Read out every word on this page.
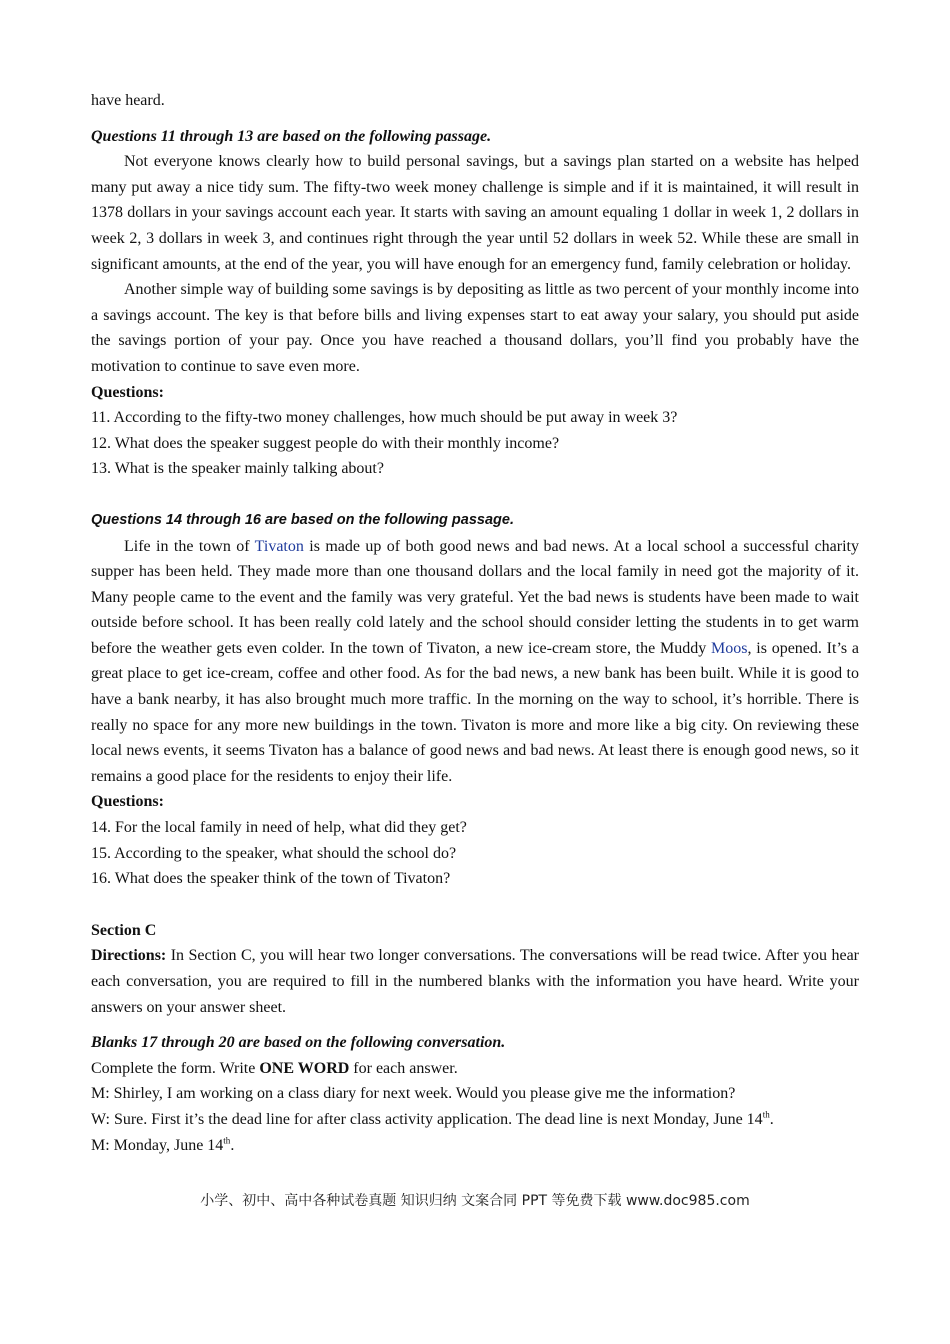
have heard.

Questions 11 through 13 are based on the following passage.

Not everyone knows clearly how to build personal savings, but a savings plan started on a website has helped many put away a nice tidy sum. The fifty-two week money challenge is simple and if it is maintained, it will result in 1378 dollars in your savings account each year. It starts with saving an amount equaling 1 dollar in week 1, 2 dollars in week 2, 3 dollars in week 3, and continues right through the year until 52 dollars in week 52. While these are small in significant amounts, at the end of the year, you will have enough for an emergency fund, family celebration or holiday.

Another simple way of building some savings is by depositing as little as two percent of your monthly income into a savings account. The key is that before bills and living expenses start to eat away your salary, you should put aside the savings portion of your pay. Once you have reached a thousand dollars, you’ll find you probably have the motivation to continue to save even more.

Questions:

11. According to the fifty-two money challenges, how much should be put away in week 3?

12. What does the speaker suggest people do with their monthly income?

13. What is the speaker mainly talking about?

Questions 14 through 16 are based on the following passage.

Life in the town of Tivaton is made up of both good news and bad news. At a local school a successful charity supper has been held. They made more than one thousand dollars and the local family in need got the majority of it. Many people came to the event and the family was very grateful. Yet the bad news is students have been made to wait outside before school. It has been really cold lately and the school should consider letting the students in to get warm before the weather gets even colder. In the town of Tivaton, a new ice-cream store, the Muddy Moos, is opened. It’s a great place to get ice-cream, coffee and other food. As for the bad news, a new bank has been built. While it is good to have a bank nearby, it has also brought much more traffic. In the morning on the way to school, it’s horrible. There is really no space for any more new buildings in the town. Tivaton is more and more like a big city. On reviewing these local news events, it seems Tivaton has a balance of good news and bad news. At least there is enough good news, so it remains a good place for the residents to enjoy their life.

Questions:

14. For the local family in need of help, what did they get?

15. According to the speaker, what should the school do?

16. What does the speaker think of the town of Tivaton?

Section C

Directions: In Section C, you will hear two longer conversations. The conversations will be read twice. After you hear each conversation, you are required to fill in the numbered blanks with the information you have heard. Write your answers on your answer sheet.

Blanks 17 through 20 are based on the following conversation.

Complete the form. Write ONE WORD for each answer.

M: Shirley, I am working on a class diary for next week. Would you please give me the information?

W: Sure. First it’s the dead line for after class activity application. The dead line is next Monday, June 14th.

M: Monday, June 14th.

小学、初中、高中各种试卷真题 知识归纳 文案合同 PPT 等免费下载 www.doc985.com
